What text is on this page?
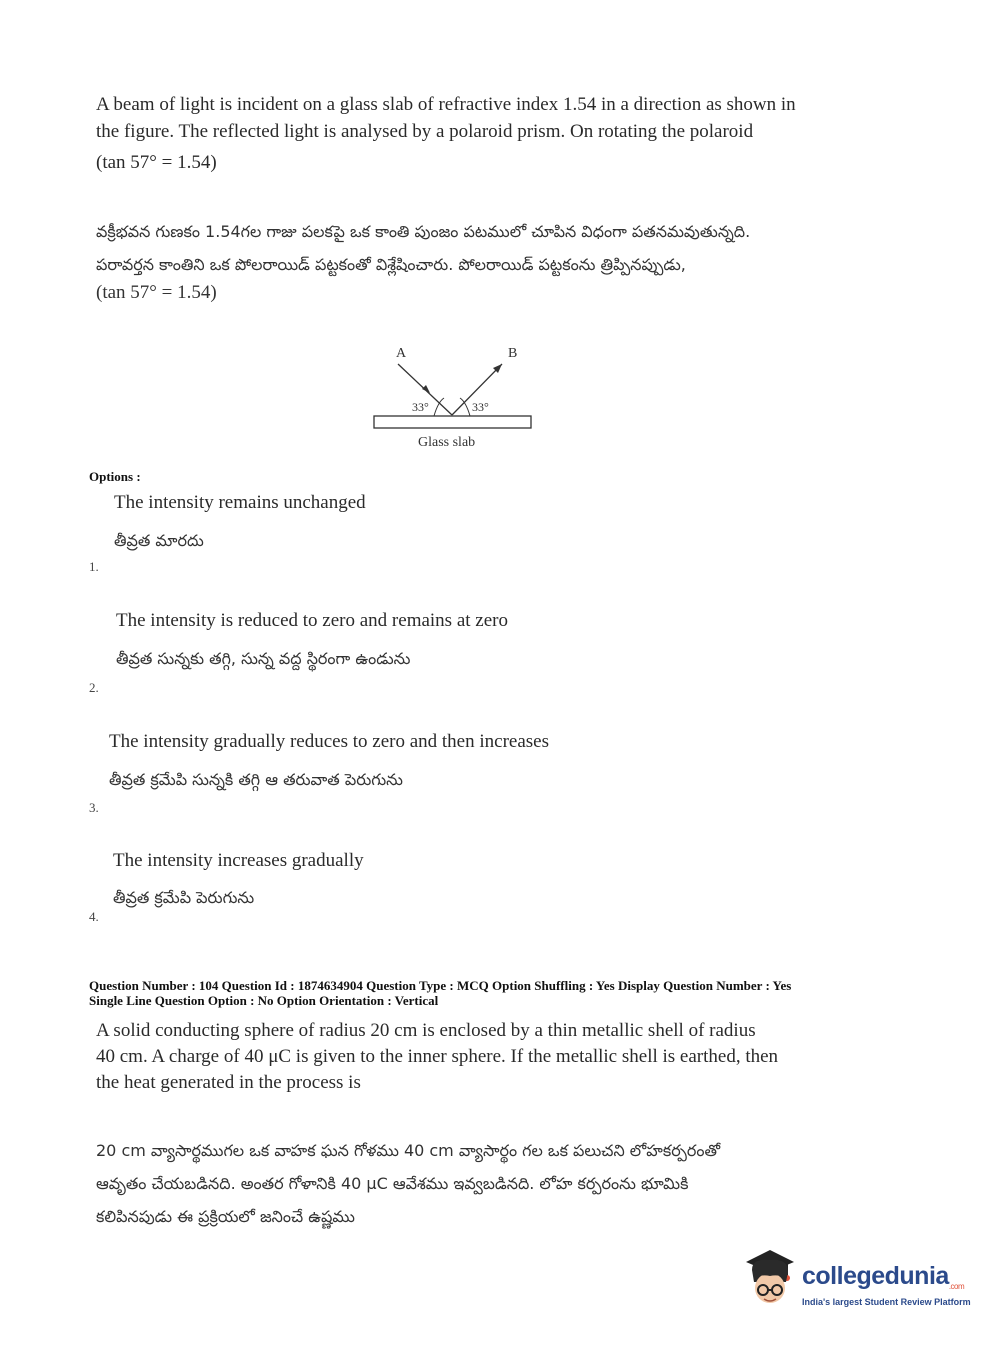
A beam of light is incident on a glass slab of refractive index 1.54 in a direction as shown in
the figure. The reflected light is analysed by a polaroid prism. On rotating the polaroid
(tan 57° = 1.54)
వక్రీభవన గుణకం 1.54గల గాజు పలకపై ఒక కాంతి పుంజం పటములో చూపిన విధంగా పతనమవుతున్నది.
పరావర్తన కాంతిని ఒక పోలరాయిడ్ పట్టకంతో విశ్లేషించారు. పోలరాయిడ్ పట్టకంను త్రిప్పినప్పుడు,
(tan 57° = 1.54)
A	B
33°	33°
Glass slab
Options :
The intensity remains unchanged
తీవ్రత మారదు
1.
The intensity is reduced to zero and remains at zero
తీవ్రత సున్నకు తగ్గి, సున్న వద్ద స్థిరంగా ఉండును
2.
The intensity gradually reduces to zero and then increases
తీవ్రత క్రమేపి సున్నకి తగ్గి ఆ తరువాత పెరుగును
3.
The intensity increases gradually
తీవ్రత క్రమేపి పెరుగును
4.
Question Number : 104 Question Id : 1874634904 Question Type : MCQ Option Shuffling : Yes Display Question Number : Yes
Single Line Question Option : No Option Orientation : Vertical
A solid conducting sphere of radius 20 cm is enclosed by a thin metallic shell of radius
40 cm. A charge of 40 μC is given to the inner sphere. If the metallic shell is earthed, then
the heat generated in the process is
20 cm వ్యాసార్థముగల ఒక వాహక ఘన గోళము 40 cm వ్యాసార్థం గల ఒక పలుచని లోహకర్పరంతో
ఆవృతం చేయబడినది. అంతర గోళానికి 40 μC ఆవేశము ఇవ్వబడినది. లోహ కర్పరంను భూమికి
కలిపినపుడు ఈ ప్రక్రియలో జనించే ఉష్ణము
collegedunia.com
India's largest Student Review Platform
